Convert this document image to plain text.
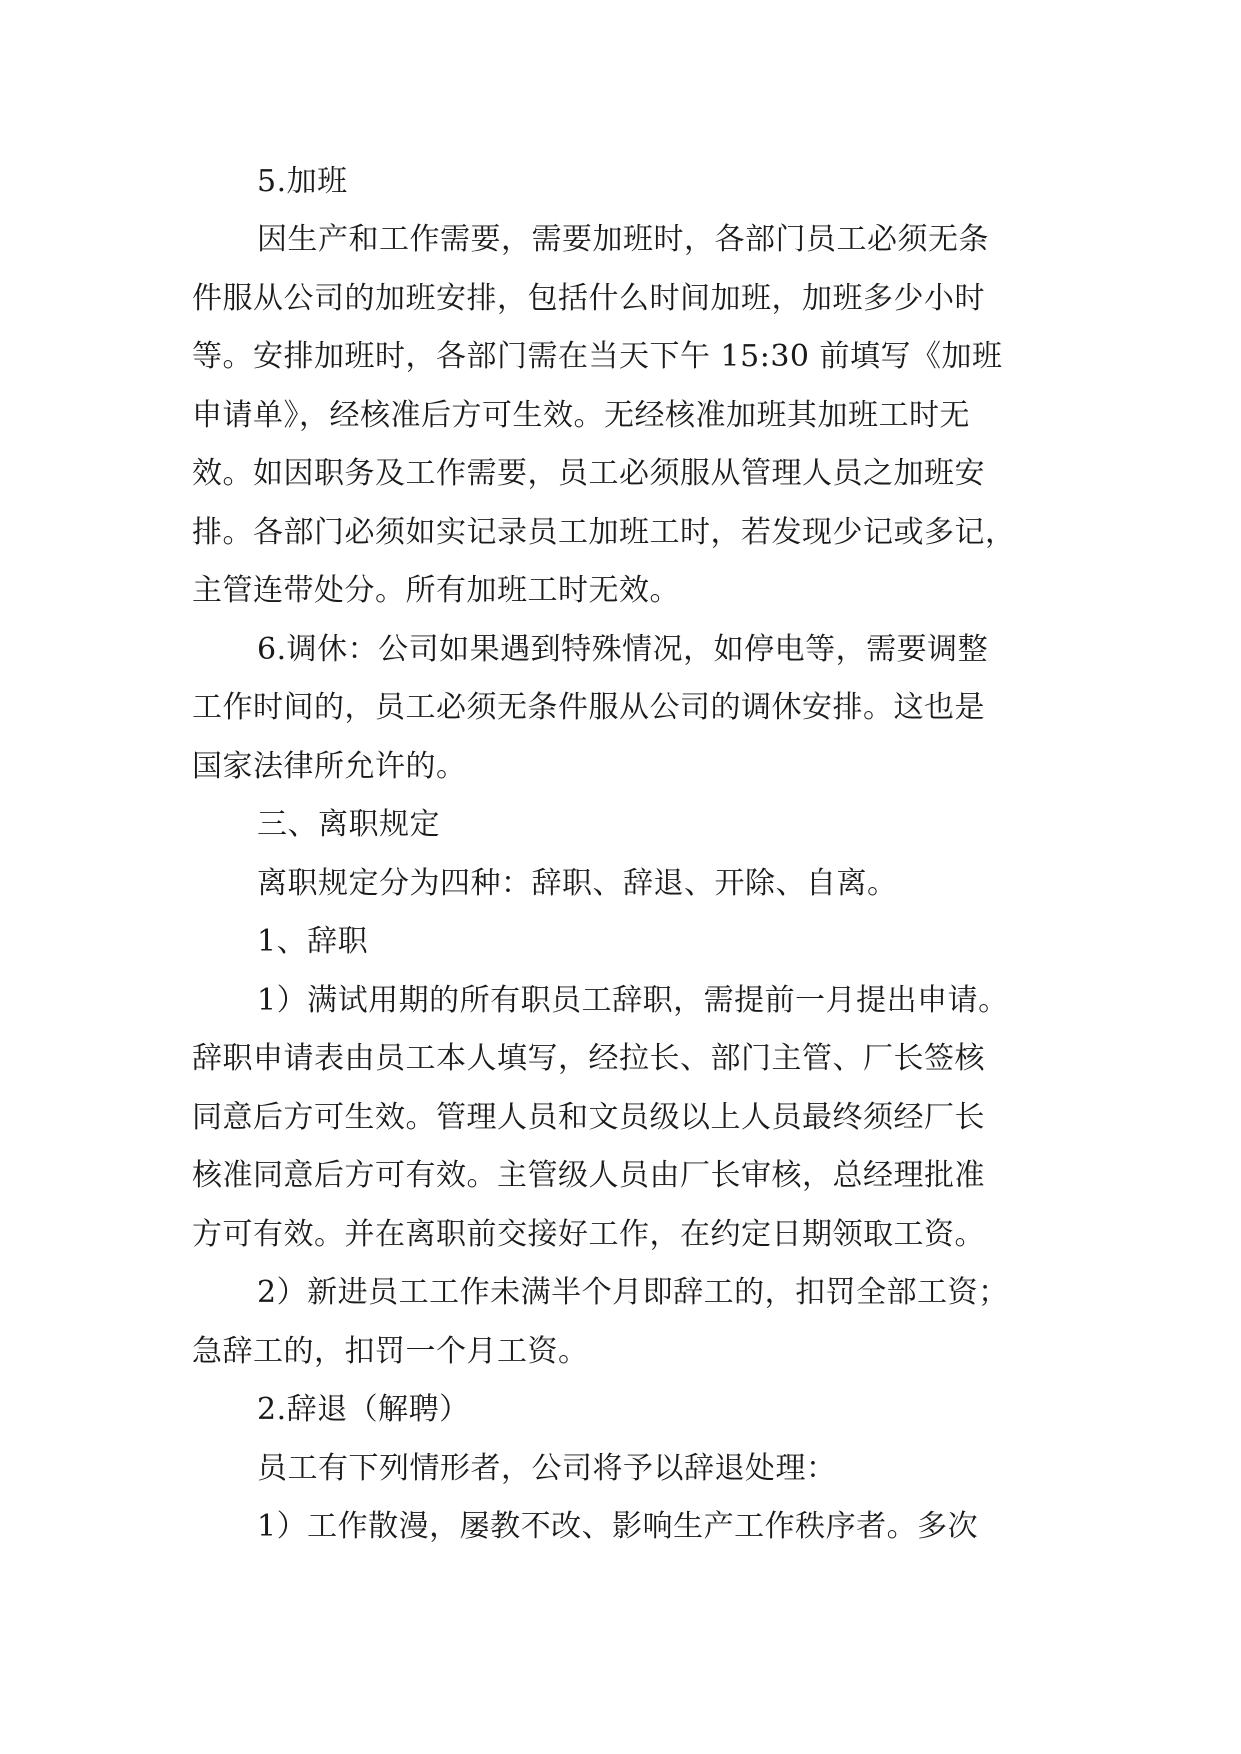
5.加班
因生产和工作需要，需要加班时，各部门员工必须无条
件服从公司的加班安排，包括什么时间加班，加班多少小时
等。安排加班时，各部门需在当天下午 15:30 前填写《加班
申请单》，经核准后方可生效。无经核准加班其加班工时无
效。如因职务及工作需要，员工必须服从管理人员之加班安
排。各部门必须如实记录员工加班工时，若发现少记或多记，
主管连带处分。所有加班工时无效。
6.调休：公司如果遇到特殊情况，如停电等，需要调整
工作时间的，员工必须无条件服从公司的调休安排。这也是
国家法律所允许的。
三、离职规定
离职规定分为四种：辞职、辞退、开除、自离。
1、辞职
1）满试用期的所有职员工辞职，需提前一月提出申请。
辞职申请表由员工本人填写，经拉长、部门主管、厂长签核
同意后方可生效。管理人员和文员级以上人员最终须经厂长
核准同意后方可有效。主管级人员由厂长审核，总经理批准
方可有效。并在离职前交接好工作，在约定日期领取工资。
2）新进员工工作未满半个月即辞工的，扣罚全部工资；
急辞工的，扣罚一个月工资。
2.辞退（解聘）
员工有下列情形者，公司将予以辞退处理：
1）工作散漫，屡教不改、影响生产工作秩序者。多次
